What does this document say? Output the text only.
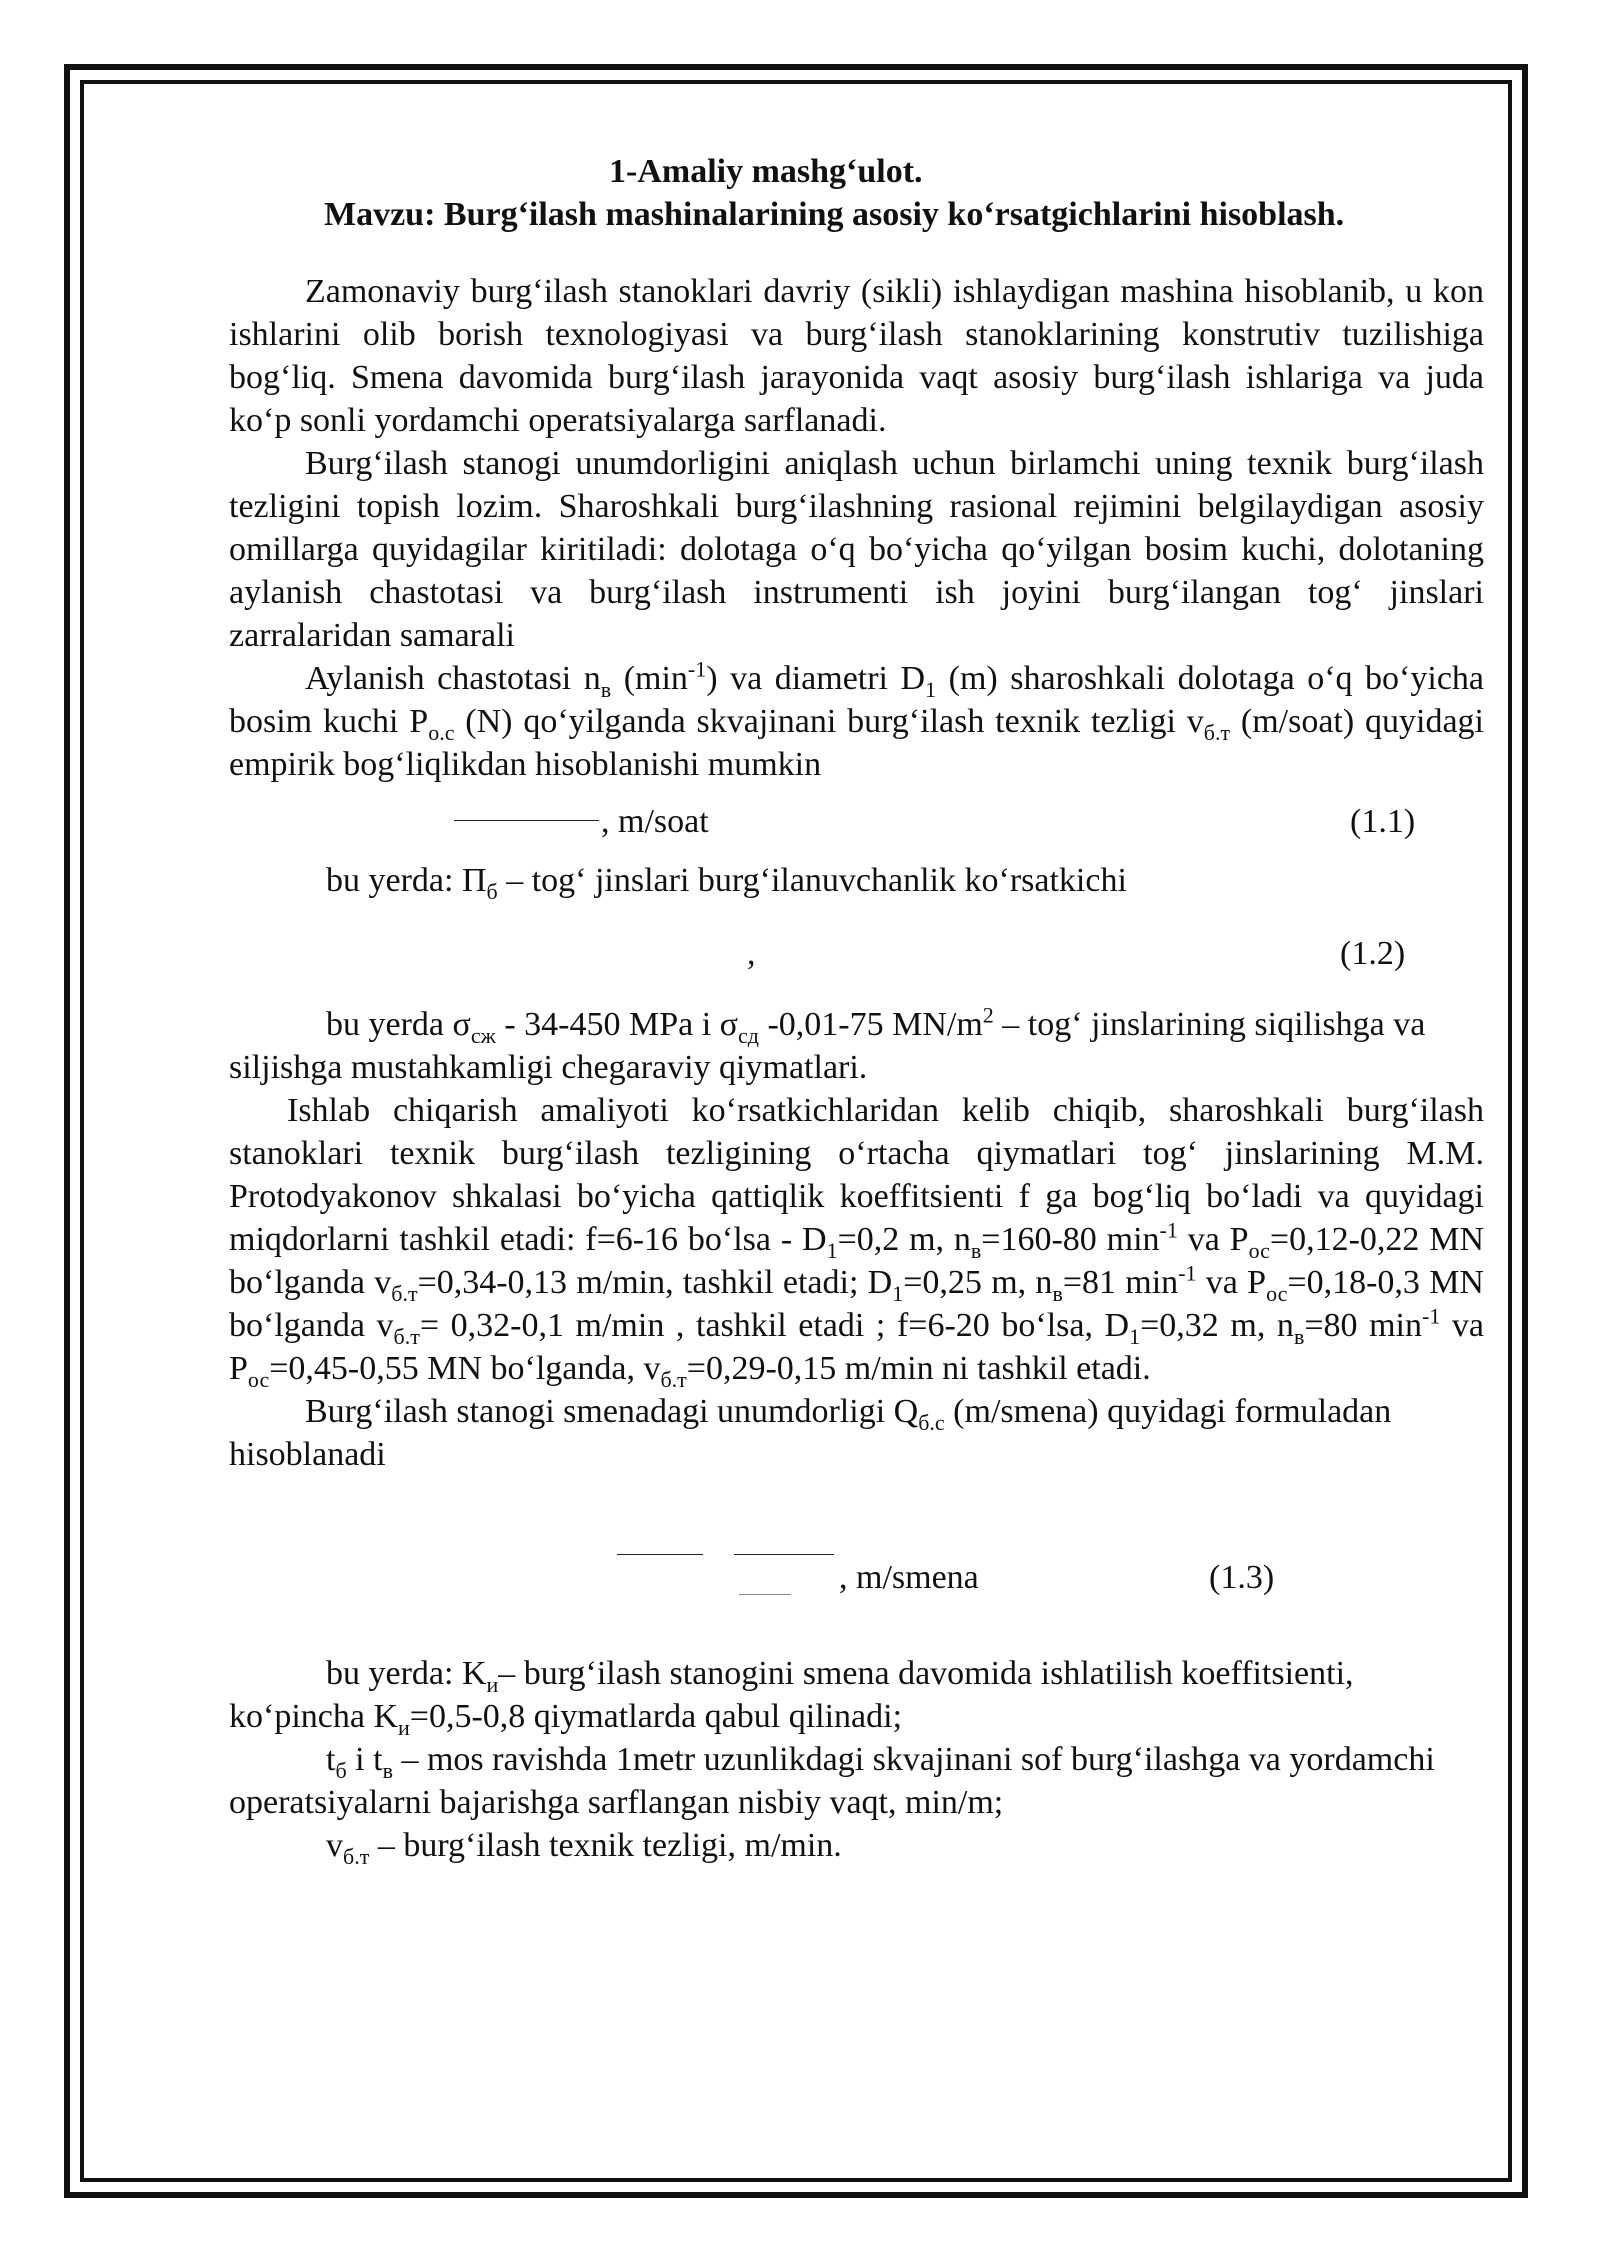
1-Amaliy mashg‘ulot.
Mavzu: Burg‘ilash mashinalarining asosiy ko‘rsatgichlarini hisoblash.

Zamonaviy burg‘ilash stanoklari davriy (sikli) ishlaydigan mashina hisoblanib, u kon ishlarini olib borish texnologiyasi va burg‘ilash stanoklarining konstrutiv tuzilishiga bog‘liq. Smena davomida burg‘ilash jarayonida vaqt asosiy burg‘ilash ishlariga va juda ko‘p sonli yordamchi operatsiyalarga sarflanadi.

Burg‘ilash stanogi unumdorligini aniqlash uchun birlamchi uning texnik burg‘ilash tezligini topish lozim. Sharoshkali burg‘ilashning rasional rejimini belgilaydigan asosiy omillarga quyidagilar kiritiladi: dolotaga o‘q bo‘yicha qo‘yilgan bosim kuchi, dolotaning aylanish chastotasi va burg‘ilash instrumenti ish joyini burg‘ilangan tog‘ jinslari zarralaridan samarali

Aylanish chastotasi $n_в$ $(\min^{-1})$ va diametri $D_1$ (m) sharoshkali dolotaga o‘q bo‘yicha bosim kuchi $P_{o.c}$ (N) qo‘yilganda skvajinani burg‘ilash texnik tezligi $v_{б.т}$ (m/soat) quyidagi empirik bog‘liqlikdan hisoblanishi mumkin

, m/soat	(1.1)

bu yerda: $П_б$ – tog‘ jinslari burg‘ilanuvchanlik ko‘rsatkichi

,	(1.2)

bu yerda $\sigma_{сж} - 34-450$ MPa i $\sigma_{сд}$ -0,01-75 $MN/m^2$ – tog‘ jinslarining siqilishga va siljishga mustahkamligi chegaraviy qiymatlari.

Ishlab chiqarish amaliyoti ko‘rsatkichlaridan kelib chiqib, sharoshkali burg‘ilash stanoklari texnik burg‘ilash tezligining o‘rtacha qiymatlari tog‘ jinslarining M.M. Protodyakonov shkalasi bo‘yicha qattiqlik koeffitsienti f ga bog‘liq bo‘ladi va quyidagi miqdorlarni tashkil etadi: f=6-16 bo‘lsa - $D_1=0,2$ m, $n_в=160-80$ $\min^{-1}$ va $P_{ос}=0,12-0,22$ MN bo‘lganda $v_{б.т}=0,34-0,13$ m/min, tashkil etadi; $D_1=0,25$ m, $n_в=81$ $\min^{-1}$ va $P_{ос}=0,18-0,3$ MN bo‘lganda $v_{б.т}= 0,32-0,1$ m/min , tashkil etadi ; f=6-20 bo‘lsa, $D_1=0,32$ m, $n_в=80$ $\min^{-1}$ va $P_{ос}=0,45-0,55$ MN bo‘lganda, $v_{б.т}=0,29-0,15$ m/min ni tashkil etadi.

Burg‘ilash stanogi smenadagi unumdorligi $Q_{б.с}$ (m/smena) quyidagi formuladan hisoblanadi

, m/smena	(1.3)

bu yerda: $K_и-$ burg‘ilash stanogini smena davomida ishlatilish koeffitsienti, ko‘pincha $K_и=0,5-0,8$ qiymatlarda qabul qilinadi;

$t_б$ i $t_в$ – mos ravishda 1metr uzunlikdagi skvajinani sof burg‘ilashga va yordamchi operatsiyalarni bajarishga sarflangan nisbiy vaqt, min/m;

$v_{б.т}$ – burg‘ilash texnik tezligi, m/min.
